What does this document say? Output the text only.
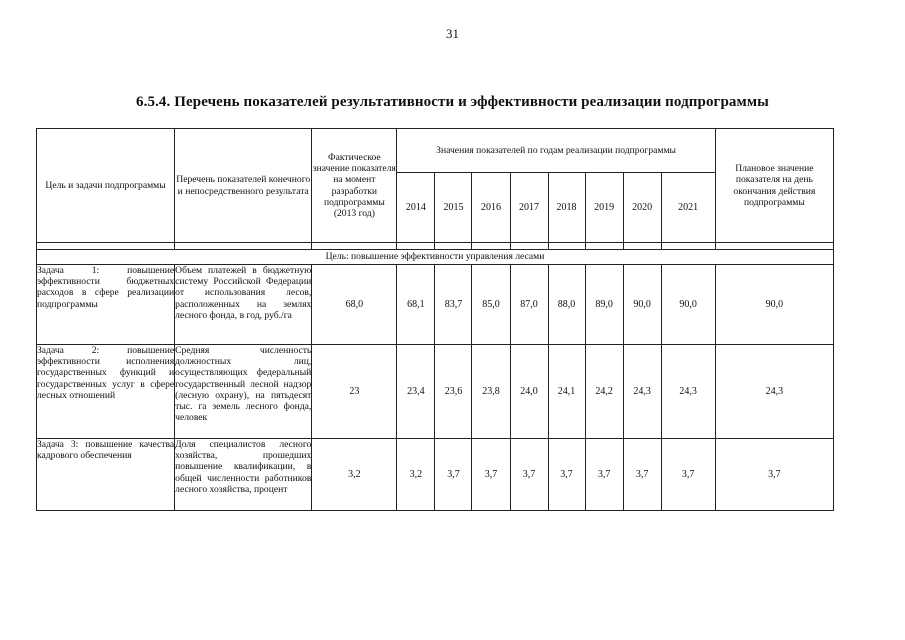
31
6.5.4. Перечень показателей результативности и эффективности реализации подпрограммы
Цель и задачи подпрограммы	Перечень показателей конечного и непосредственного результата	Фактическое значение показателя на момент разработки подпрограммы (2013 год)	Значения показателей по годам реализации подпрограммы								Плановое значение показателя на день окончания действия подпрограммы
			2014	2015	2016	2017	2018	2019	2020	2021	

Цель: повышение эффективности управления лесами											
Задача 1: повышение эффективности бюджетных расходов в сфере реализации подпрограммы	Объем платежей в бюджетную систему Российской Федерации от использования лесов, расположенных на землях лесного фонда, в год, руб./га	68,0	68,1	83,7	85,0	87,0	88,0	89,0	90,0	90,0	90,0
Задача 2: повышение эффективности исполнения государственных функций и государственных услуг в сфере лесных отношений	Средняя численность должностных лиц, осуществляющих федеральный государственный лесной надзор (лесную охрану), на пятьдесят тыс. га земель лесного фонда, человек	23	23,4	23,6	23,8	24,0	24,1	24,2	24,3	24,3	24,3
Задача 3: повышение качества кадрового обеспечения	Доля специалистов лесного хозяйства, прошедших повышение квалификации, в общей численности работников лесного хозяйства, процент	3,2	3,2	3,7	3,7	3,7	3,7	3,7	3,7	3,7	3,7
